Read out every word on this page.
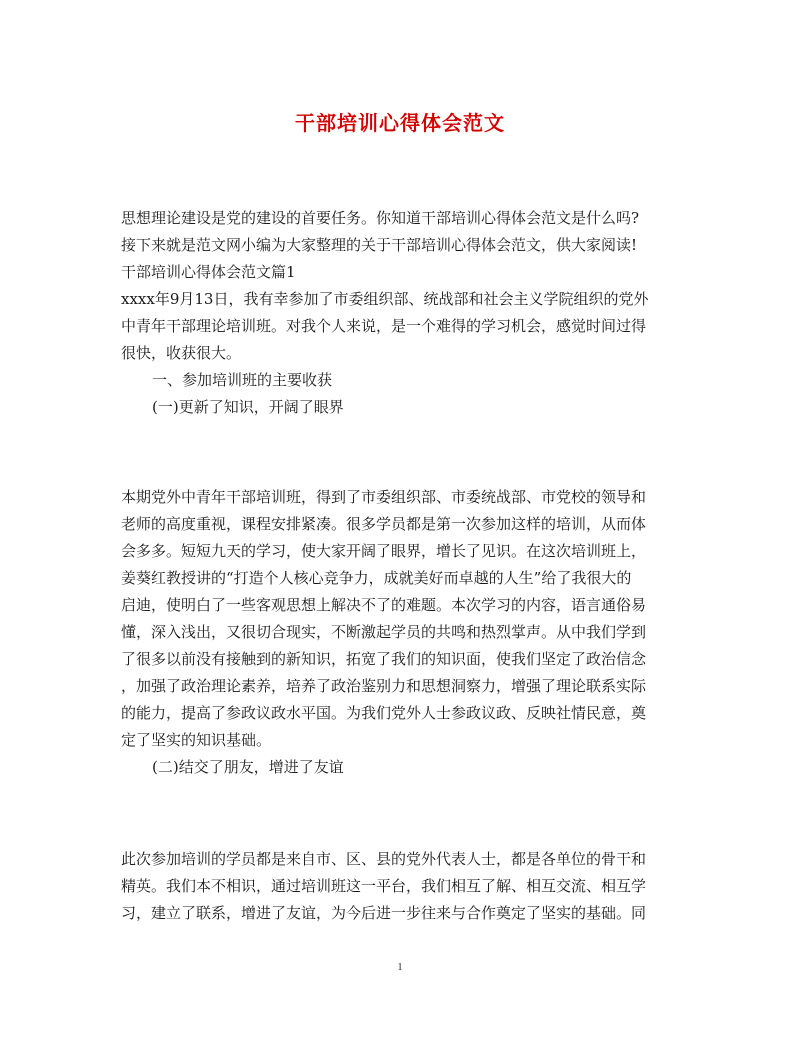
干部培训心得体会范文
思想理论建设是党的建设的首要任务。你知道干部培训心得体会范文是什么吗?
接下来就是范文网小编为大家整理的关于干部培训心得体会范文，供大家阅读!
干部培训心得体会范文篇1
xxxx年9月13日，我有幸参加了市委组织部、统战部和社会主义学院组织的党外
中青年干部理论培训班。对我个人来说，是一个难得的学习机会，感觉时间过得
很快，收获很大。
一、参加培训班的主要收获
(一)更新了知识，开阔了眼界
本期党外中青年干部培训班，得到了市委组织部、市委统战部、市党校的领导和
老师的高度重视，课程安排紧凑。很多学员都是第一次参加这样的培训，从而体
会多多。短短九天的学习，使大家开阔了眼界，增长了见识。在这次培训班上，
姜葵红教授讲的“打造个人核心竞争力，成就美好而卓越的人生”给了我很大的
启迪，使明白了一些客观思想上解决不了的难题。本次学习的内容，语言通俗易
懂，深入浅出，又很切合现实，不断激起学员的共鸣和热烈掌声。从中我们学到
了很多以前没有接触到的新知识，拓宽了我们的知识面，使我们坚定了政治信念
，加强了政治理论素养，培养了政治鉴别力和思想洞察力，增强了理论联系实际
的能力，提高了参政议政水平国。为我们党外人士参政议政、反映社情民意，奠
定了坚实的知识基础。
(二)结交了朋友，增进了友谊
此次参加培训的学员都是来自市、区、县的党外代表人士，都是各单位的骨干和
精英。我们本不相识，通过培训班这一平台，我们相互了解、相互交流、相互学
习，建立了联系，增进了友谊，为今后进一步往来与合作奠定了坚实的基础。同
1
